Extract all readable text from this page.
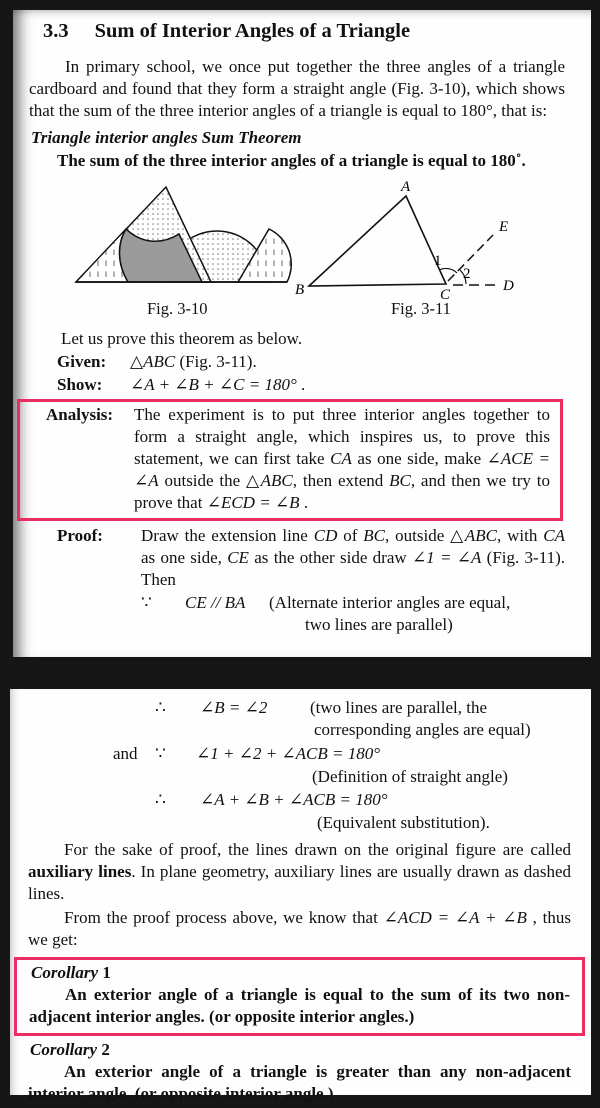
3.3 Sum of Interior Angles of a Triangle

In primary school, we once put together the three angles of a triangle cardboard and found that they form a straight angle (Fig. 3-10), which shows that the sum of the three interior angles of a triangle is equal to 180°, that is:

Triangle interior angles Sum Theorem
The sum of the three interior angles of a triangle is equal to 180˚.
Fig. 3-10
A
B	C
D
E
1
2
Fig. 3-11

Let us prove this theorem as below.

Given: △ABC (Fig. 3-11).
Show: ∠A + ∠B + ∠C = 180° .
Analysis: The experiment is to put three interior angles together to form a straight angle, which inspires us, to prove this statement, we can first take CA as one side, make ∠ACE = ∠A outside the △ABC, then extend BC, and then we try to prove that ∠ECD = ∠B .
Proof: Draw the extension line CD of BC, outside △ABC, with CA as one side, CE as the other side draw ∠1 = ∠A (Fig. 3-11). Then
∵	CE // BA	(Alternate interior angles are equal,
two lines are parallel)
∴ ∠B = ∠2	(two lines are parallel, the
corresponding angles are equal)
and ∵ ∠1 + ∠2 + ∠ACB = 180°
(Definition of straight angle)
∴ ∠A + ∠B + ∠ACB = 180°
(Equivalent substitution).

For the sake of proof, the lines drawn on the original figure are called auxiliary lines. In plane geometry, auxiliary lines are usually drawn as dashed lines.

From the proof process above, we know that ∠ACD = ∠A + ∠B , thus we get:

Corollary 1

An exterior angle of a triangle is equal to the sum of its two non-adjacent interior angles. (or opposite interior angles.)

Corollary 2

An exterior angle of a triangle is greater than any non-adjacent interior angle. (or opposite interior angle.)
